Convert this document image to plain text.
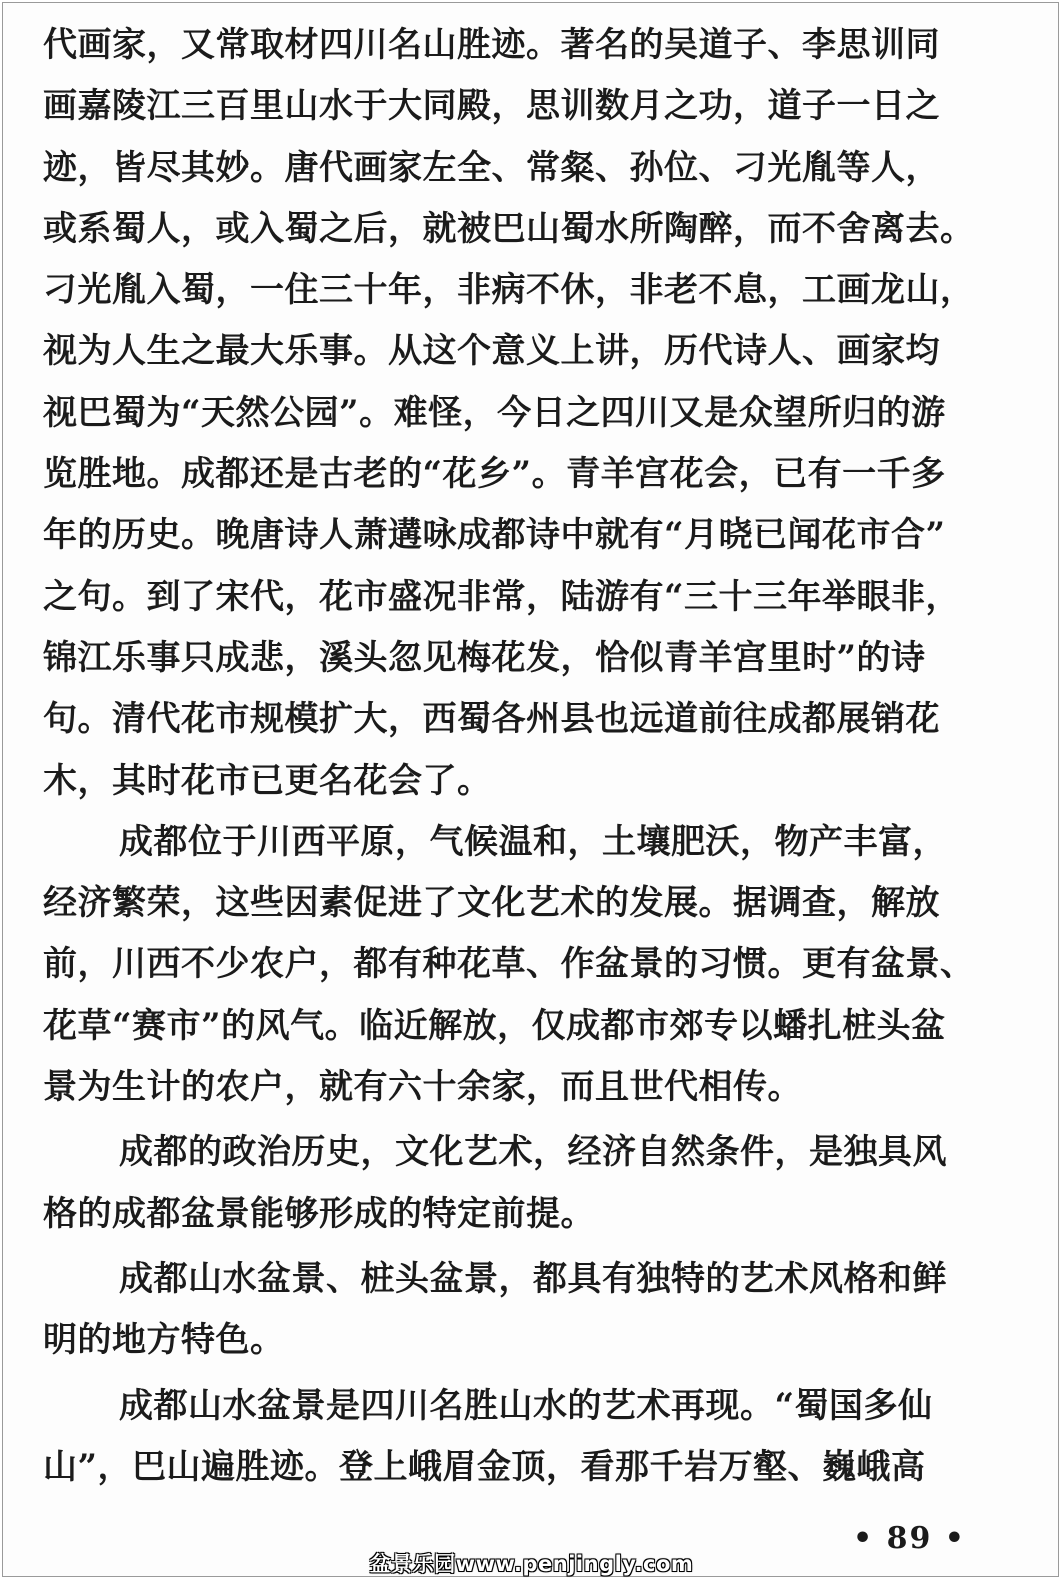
代画家，又常取材四川名山胜迹。著名的吴道子、李思训同
画嘉陵江三百里山水于大同殿，思训数月之功，道子一日之
迹，皆尽其妙。唐代画家左全、常粲、孙位、刁光胤等人，
或系蜀人，或入蜀之后，就被巴山蜀水所陶醉，而不舍离去。
刁光胤入蜀，一住三十年，非病不休，非老不息，工画龙山，
视为人生之最大乐事。从这个意义上讲，历代诗人、画家均
视巴蜀为“天然公园”。难怪，今日之四川又是众望所归的游
览胜地。成都还是古老的“花乡”。青羊宫花会，已有一千多
年的历史。晚唐诗人萧遘咏成都诗中就有“月晓已闻花市合”
之句。到了宋代，花市盛况非常，陆游有“三十三年举眼非，
锦江乐事只成悲，溪头忽见梅花发，恰似青羊宫里时”的诗
句。清代花市规模扩大，西蜀各州县也远道前往成都展销花
木，其时花市已更名花会了。
成都位于川西平原，气候温和，土壤肥沃，物产丰富，
经济繁荣，这些因素促进了文化艺术的发展。据调查，解放
前，川西不少农户，都有种花草、作盆景的习惯。更有盆景、
花草“赛市”的风气。临近解放，仅成都市郊专以蟠扎桩头盆
景为生计的农户，就有六十余家，而且世代相传。
成都的政治历史，文化艺术，经济自然条件，是独具风
格的成都盆景能够形成的特定前提。
成都山水盆景、桩头盆景，都具有独特的艺术风格和鲜
明的地方特色。
成都山水盆景是四川名胜山水的艺术再现。“蜀国多仙
山”，巴山遍胜迹。登上峨眉金顶，看那千岩万壑、巍峨高
• 89 •
盆景乐园www.penjingly.com
